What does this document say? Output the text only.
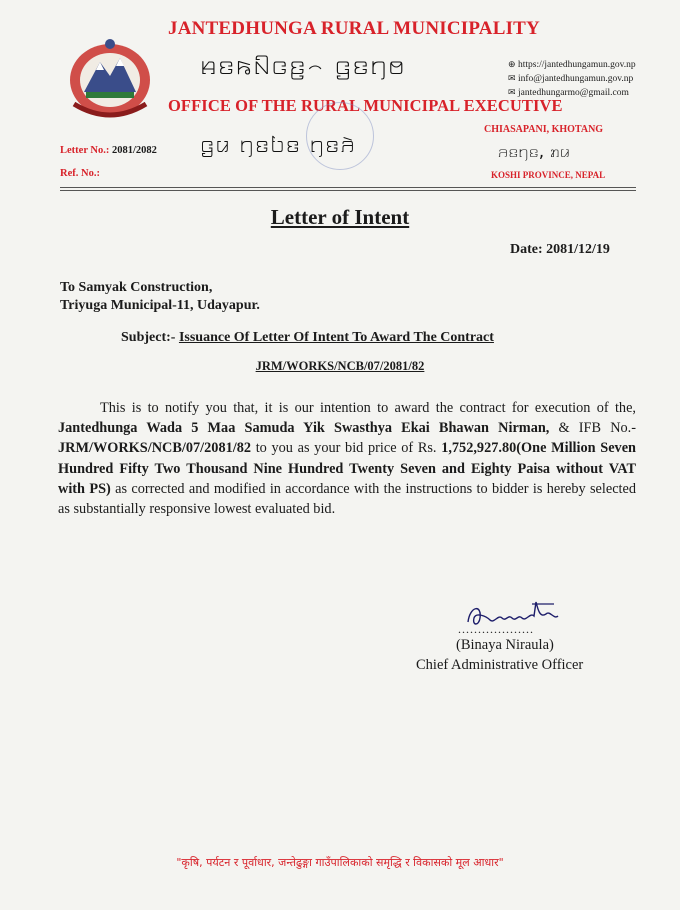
JANTEDHUNGA RURAL MUNICIPALITY
ꤌꤢꤒꤡꤍꤢ꤬꤮ ꤞꤢꤚꤥ
OFFICE OF THE RURAL MUNICIPAL EXECUTIVE
⊕ https://jantedhungamun.gov.np
✉ info@jantedhungamun.gov.np
✉ jantedhungarmo@gmail.com
Letter No.: 2081/2082 ꤞꤣ ꤚꤢꤝꤢ ꤚꤢꤏꤧ
Ref. No.:
CHIASAPANI, KHOTANG
ꤏꤢꤚꤢ, ꤊꤣ
KOSHI PROVINCE, NEPAL
Letter of Intent
Date: 2081/12/19
To Samyak Construction,
Triyuga Municipal-11, Udayapur.
Subject:- Issuance Of Letter Of Intent To Award The Contract
JRM/WORKS/NCB/07/2081/82

This is to notify you that, it is our intention to award the contract for execution of the, Jantedhunga Wada 5 Maa Samuda Yik Swasthya Ekai Bhawan Nirman, & IFB No.- JRM/WORKS/NCB/07/2081/82 to you as your bid price of Rs. 1,752,927.80(One Million Seven Hundred Fifty Two Thousand Nine Hundred Twenty Seven and Eighty Paisa without VAT with PS) as corrected and modified in accordance with the instructions to bidder is hereby selected as substantially responsive lowest evaluated bid.

...................
(Binaya Niraula)
Chief Administrative Officer
"कृषि, पर्यटन र पूर्वाधार, जन्तेढुङ्गा गाउँपालिकाको समृद्धि र विकासको मूल आधार"
